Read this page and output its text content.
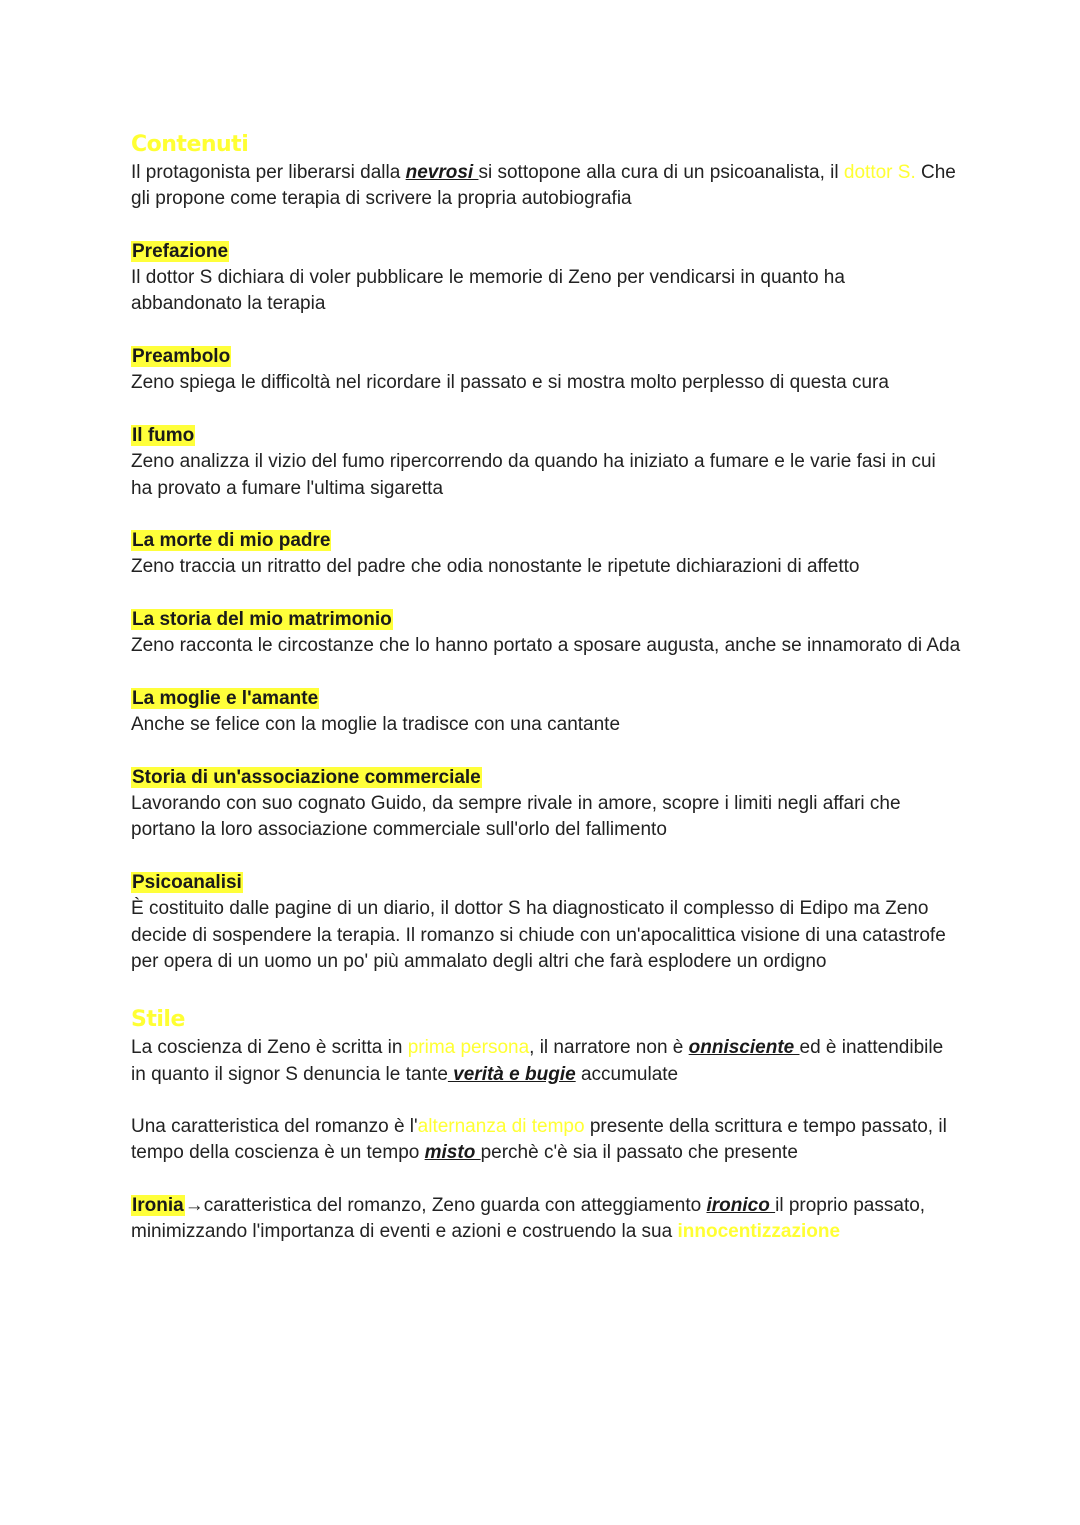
Contenuti

Il protagonista per liberarsi dalla nevrosi si sottopone alla cura di un psicoanalista, il dottor S. Che gli propone come terapia di scrivere la propria autobiografia

Prefazione

Il dottor S dichiara di voler pubblicare le memorie di Zeno per vendicarsi in quanto ha abbandonato la terapia

Preambolo

Zeno spiega le difficoltà nel ricordare il passato e si mostra molto perplesso di questa cura

Il fumo

Zeno analizza il vizio del fumo ripercorrendo da quando ha iniziato a fumare e le varie fasi in cui ha provato a fumare l'ultima sigaretta

La morte di mio padre

Zeno traccia un ritratto del padre che odia nonostante le ripetute dichiarazioni di affetto

La storia del mio matrimonio

Zeno racconta le circostanze che lo hanno portato a sposare augusta, anche se innamorato di Ada

La moglie e l'amante

Anche se felice con la moglie la tradisce con una cantante

Storia di un'associazione commerciale

Lavorando con suo cognato Guido, da sempre rivale in amore, scopre i limiti negli affari che portano la loro associazione commerciale sull'orlo del fallimento

Psicoanalisi

È costituito dalle pagine di un diario, il dottor S ha diagnosticato il complesso di Edipo ma Zeno decide di sospendere la terapia. Il romanzo si chiude con un'apocalittica visione di una catastrofe per opera di un uomo un po' più ammalato degli altri che farà esplodere un ordigno

Stile

La coscienza di Zeno è scritta in prima persona, il narratore non è onnisciente ed è inattendibile in quanto il signor S denuncia le tante verità e bugie accumulate

Una caratteristica del romanzo è l'alternanza di tempo presente della scrittura e tempo passato, il tempo della coscienza è un tempo misto perchè c'è sia il passato che presente

Ironia→caratteristica del romanzo, Zeno guarda con atteggiamento ironico il proprio passato, minimizzando l'importanza di eventi e azioni e costruendo la sua innocentizzazione
